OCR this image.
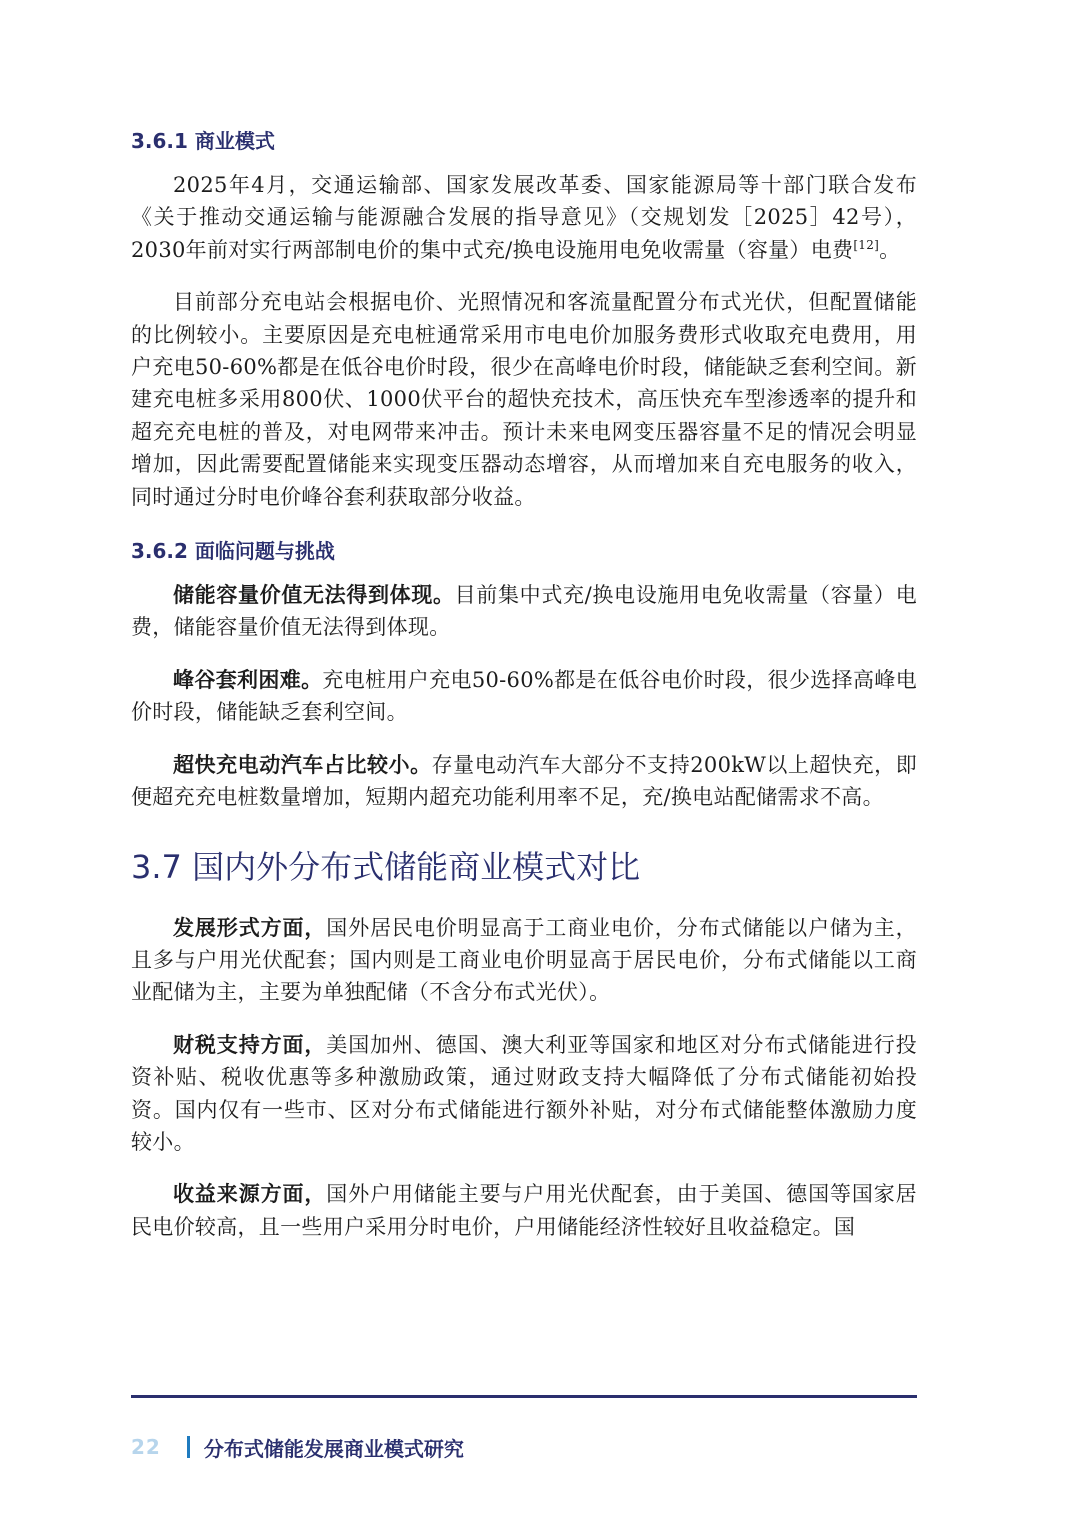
3.6.1 商业模式

2025年4月，交通运输部、国家发展改革委、国家能源局等十部门联合发布《关于推动交通运输与能源融合发展的指导意见》（交规划发［2025］42号），2030年前对实行两部制电价的集中式充/换电设施用电免收需量（容量）电费[12]。

目前部分充电站会根据电价、光照情况和客流量配置分布式光伏，但配置储能的比例较小。主要原因是充电桩通常采用市电电价加服务费形式收取充电费用，用户充电50-60%都是在低谷电价时段，很少在高峰电价时段，储能缺乏套利空间。新建充电桩多采用800伏、1000伏平台的超快充技术，高压快充车型渗透率的提升和超充充电桩的普及，对电网带来冲击。预计未来电网变压器容量不足的情况会明显增加，因此需要配置储能来实现变压器动态增容，从而增加来自充电服务的收入，同时通过分时电价峰谷套利获取部分收益。

3.6.2 面临问题与挑战

储能容量价值无法得到体现。目前集中式充/换电设施用电免收需量（容量）电费，储能容量价值无法得到体现。

峰谷套利困难。充电桩用户充电50-60%都是在低谷电价时段，很少选择高峰电价时段，储能缺乏套利空间。

超快充电动汽车占比较小。存量电动汽车大部分不支持200kW以上超快充，即便超充充电桩数量增加，短期内超充功能利用率不足，充/换电站配储需求不高。

3.7 国内外分布式储能商业模式对比

发展形式方面，国外居民电价明显高于工商业电价，分布式储能以户储为主，且多与户用光伏配套；国内则是工商业电价明显高于居民电价，分布式储能以工商业配储为主，主要为单独配储（不含分布式光伏）。

财税支持方面，美国加州、德国、澳大利亚等国家和地区对分布式储能进行投资补贴、税收优惠等多种激励政策，通过财政支持大幅降低了分布式储能初始投资。国内仅有一些市、区对分布式储能进行额外补贴，对分布式储能整体激励力度较小。

收益来源方面，国外户用储能主要与户用光伏配套，由于美国、德国等国家居民电价较高，且一些用户采用分时电价，户用储能经济性较好且收益稳定。国

22 分布式储能发展商业模式研究
